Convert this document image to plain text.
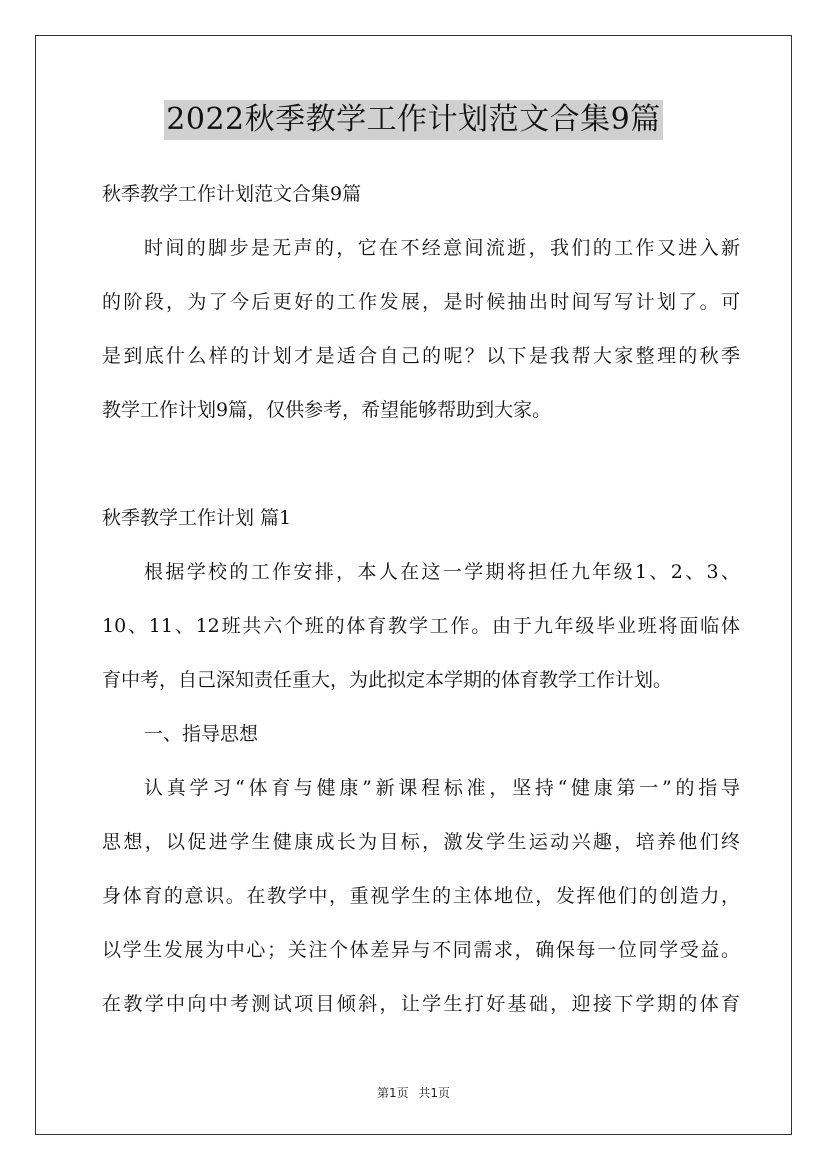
2022秋季教学工作计划范文合集9篇
秋季教学工作计划范文合集9篇
时间的脚步是无声的，它在不经意间流逝，我们的工作又进入新
的阶段，为了今后更好的工作发展，是时候抽出时间写写计划了。可
是到底什么样的计划才是适合自己的呢？以下是我帮大家整理的秋季
教学工作计划9篇，仅供参考，希望能够帮助到大家。
秋季教学工作计划 篇1
根据学校的工作安排，本人在这一学期将担任九年级1、2、3、
10、11、12班共六个班的体育教学工作。由于九年级毕业班将面临体
育中考，自己深知责任重大，为此拟定本学期的体育教学工作计划。
一、指导思想
认真学习“体育与健康”新课程标准，坚持“健康第一”的指导
思想，以促进学生健康成长为目标，激发学生运动兴趣，培养他们终
身体育的意识。在教学中，重视学生的主体地位，发挥他们的创造力，
以学生发展为中心；关注个体差异与不同需求，确保每一位同学受益。
在教学中向中考测试项目倾斜，让学生打好基础，迎接下学期的体育
第1页 共1页
